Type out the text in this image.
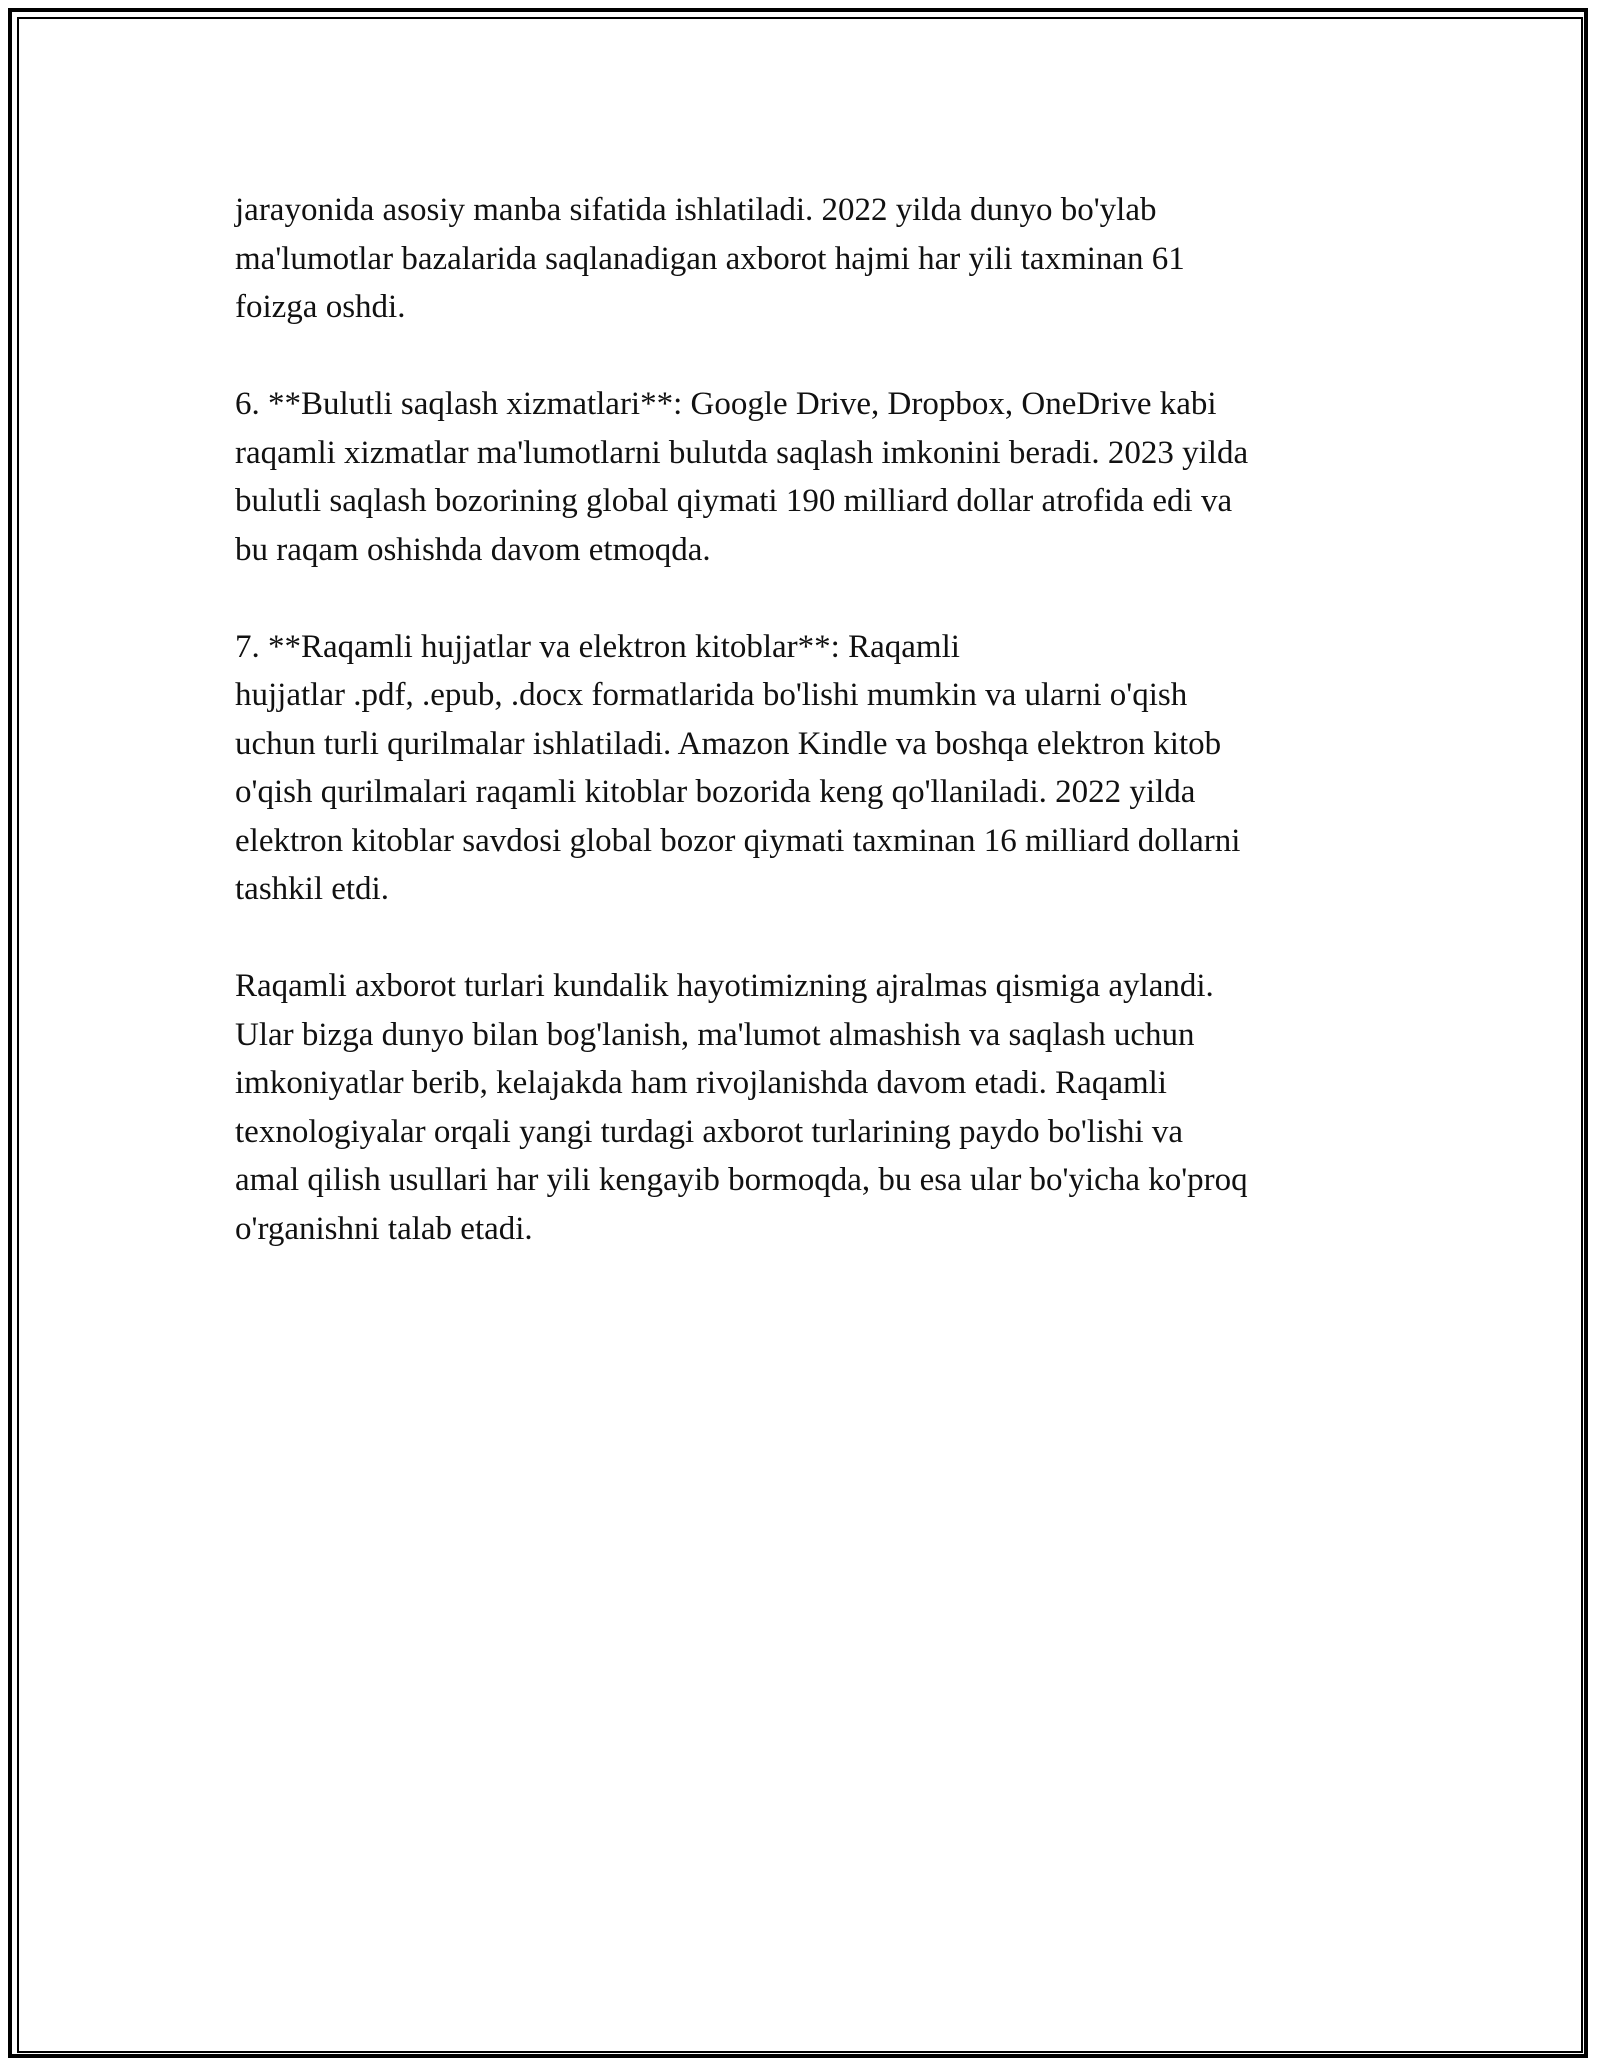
jarayonida asosiy manba sifatida ishlatiladi. 2022 yilda dunyo bo'ylab
ma'lumotlar bazalarida saqlanadigan axborot hajmi har yili taxminan 61
foizga oshdi.
6. **Bulutli saqlash xizmatlari**: Google Drive, Dropbox, OneDrive kabi
raqamli xizmatlar ma'lumotlarni bulutda saqlash imkonini beradi. 2023 yilda
bulutli saqlash bozorining global qiymati 190 milliard dollar atrofida edi va
bu raqam oshishda davom etmoqda.
7. **Raqamli hujjatlar va elektron kitoblar**: Raqamli
hujjatlar .pdf, .epub, .docx formatlarida bo'lishi mumkin va ularni o'qish
uchun turli qurilmalar ishlatiladi. Amazon Kindle va boshqa elektron kitob
o'qish qurilmalari raqamli kitoblar bozorida keng qo'llaniladi. 2022 yilda
elektron kitoblar savdosi global bozor qiymati taxminan 16 milliard dollarni
tashkil etdi.
Raqamli axborot turlari kundalik hayotimizning ajralmas qismiga aylandi.
Ular bizga dunyo bilan bog'lanish, ma'lumot almashish va saqlash uchun
imkoniyatlar berib, kelajakda ham rivojlanishda davom etadi. Raqamli
texnologiyalar orqali yangi turdagi axborot turlarining paydo bo'lishi va
amal qilish usullari har yili kengayib bormoqda, bu esa ular bo'yicha ko'proq
o'rganishni talab etadi.
